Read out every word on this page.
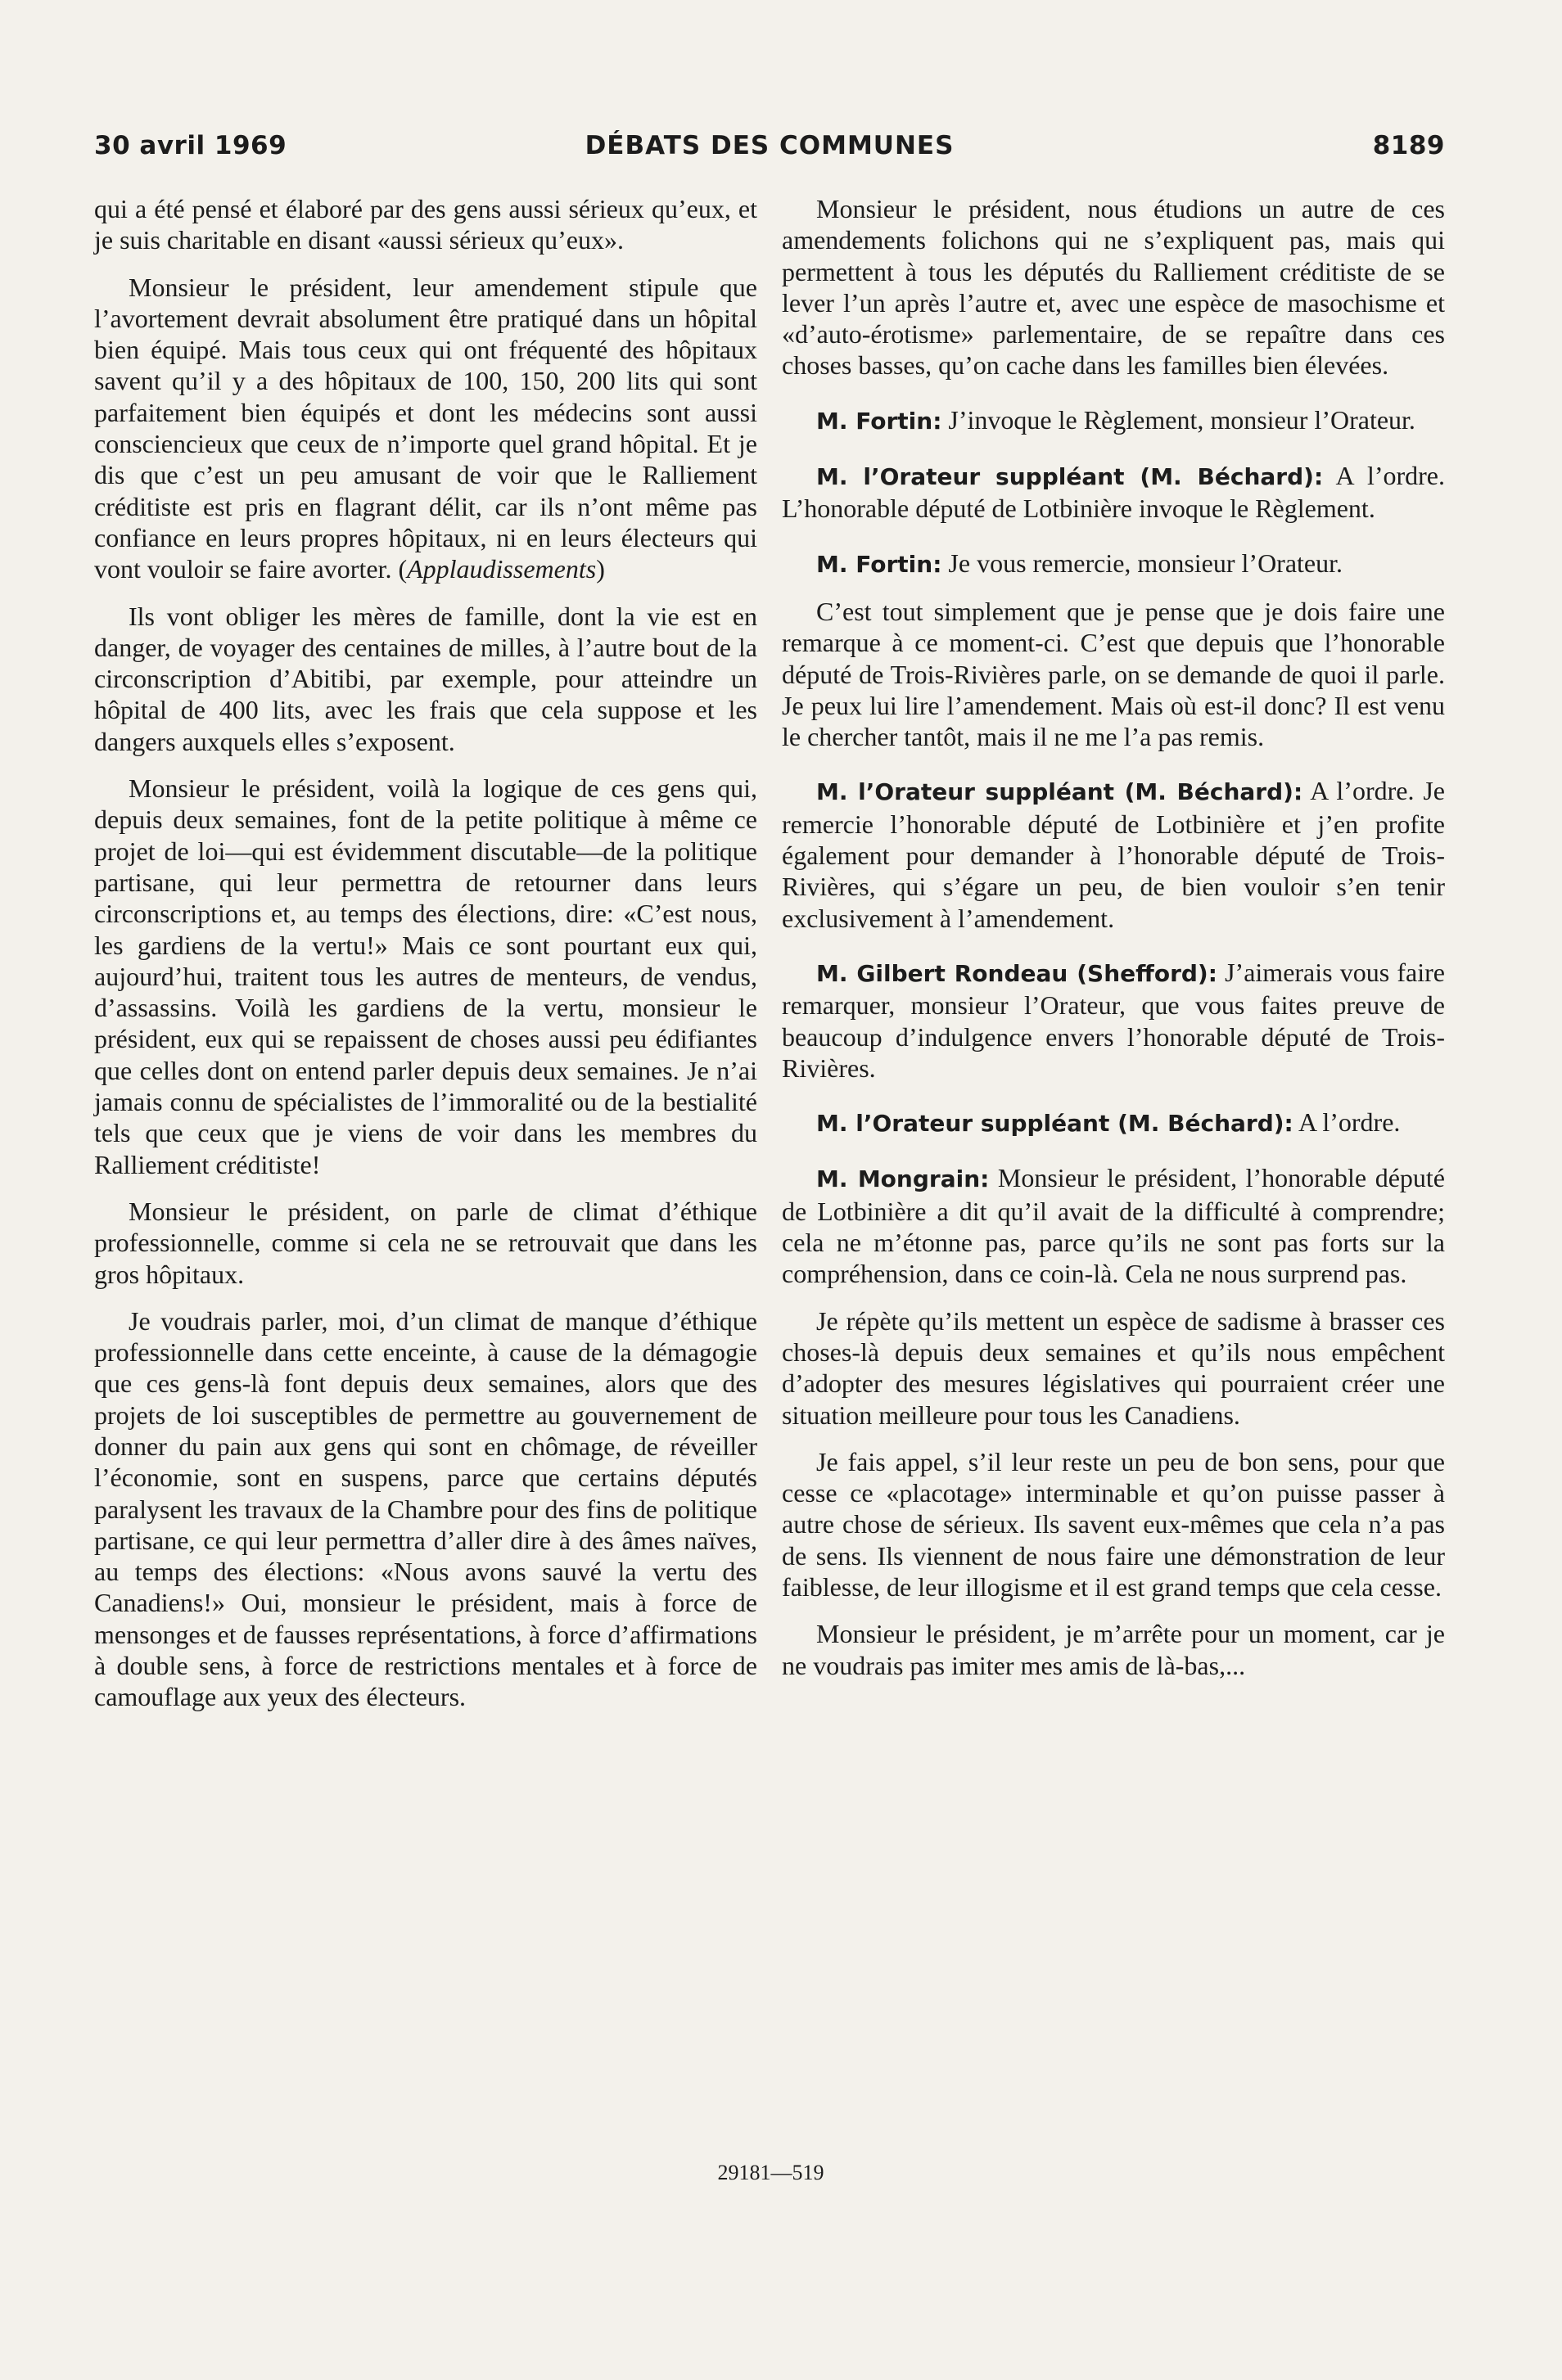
30 avril 1969	DÉBATS DES COMMUNES	8189

qui a été pensé et élaboré par des gens aussi sérieux qu’eux, et je suis charitable en disant «aussi sérieux qu’eux».

Monsieur le président, leur amendement stipule que l’avortement devrait absolument être pratiqué dans un hôpital bien équipé. Mais tous ceux qui ont fréquenté des hôpitaux savent qu’il y a des hôpitaux de 100, 150, 200 lits qui sont parfaitement bien équipés et dont les médecins sont aussi consciencieux que ceux de n’importe quel grand hôpital. Et je dis que c’est un peu amusant de voir que le Ralliement créditiste est pris en flagrant délit, car ils n’ont même pas confiance en leurs propres hôpitaux, ni en leurs électeurs qui vont vouloir se faire avorter. (Applaudissements)

Ils vont obliger les mères de famille, dont la vie est en danger, de voyager des centaines de milles, à l’autre bout de la circonscription d’Abitibi, par exemple, pour atteindre un hôpital de 400 lits, avec les frais que cela suppose et les dangers auxquels elles s’exposent.

Monsieur le président, voilà la logique de ces gens qui, depuis deux semaines, font de la petite politique à même ce projet de loi—qui est évidemment discutable—de la politique partisane, qui leur permettra de retourner dans leurs circonscriptions et, au temps des élections, dire: «C’est nous, les gardiens de la vertu!» Mais ce sont pourtant eux qui, aujourd’hui, traitent tous les autres de menteurs, de vendus, d’assassins. Voilà les gardiens de la vertu, monsieur le président, eux qui se repaissent de choses aussi peu édifiantes que celles dont on entend parler depuis deux semaines. Je n’ai jamais connu de spécialistes de l’immoralité ou de la bestialité tels que ceux que je viens de voir dans les membres du Ralliement créditiste!

Monsieur le président, on parle de climat d’éthique professionnelle, comme si cela ne se retrouvait que dans les gros hôpitaux.

Je voudrais parler, moi, d’un climat de manque d’éthique professionnelle dans cette enceinte, à cause de la démagogie que ces gens-là font depuis deux semaines, alors que des projets de loi susceptibles de permettre au gouvernement de donner du pain aux gens qui sont en chômage, de réveiller l’économie, sont en suspens, parce que certains députés paralysent les travaux de la Chambre pour des fins de politique partisane, ce qui leur permettra d’aller dire à des âmes naïves, au temps des élections: «Nous avons sauvé la vertu des Canadiens!» Oui, monsieur le président, mais à force de mensonges et de fausses représentations, à force d’affirmations à double sens, à force de restrictions mentales et à force de camouflage aux yeux des électeurs.

Monsieur le président, nous étudions un autre de ces amendements folichons qui ne s’expliquent pas, mais qui permettent à tous les députés du Ralliement créditiste de se lever l’un après l’autre et, avec une espèce de masochisme et «d’auto-érotisme» parlementaire, de se repaître dans ces choses basses, qu’on cache dans les familles bien élevées.

M. Fortin: J’invoque le Règlement, monsieur l’Orateur.

M. l’Orateur suppléant (M. Béchard): A l’ordre. L’honorable député de Lotbinière invoque le Règlement.

M. Fortin: Je vous remercie, monsieur l’Orateur.

C’est tout simplement que je pense que je dois faire une remarque à ce moment-ci. C’est que depuis que l’honorable député de Trois-Rivières parle, on se demande de quoi il parle. Je peux lui lire l’amendement. Mais où est-il donc? Il est venu le chercher tantôt, mais il ne me l’a pas remis.

M. l’Orateur suppléant (M. Béchard): A l’ordre. Je remercie l’honorable député de Lotbinière et j’en profite également pour demander à l’honorable député de Trois-Rivières, qui s’égare un peu, de bien vouloir s’en tenir exclusivement à l’amendement.

M. Gilbert Rondeau (Shefford): J’aimerais vous faire remarquer, monsieur l’Orateur, que vous faites preuve de beaucoup d’indulgence envers l’honorable député de Trois-Rivières.

M. l’Orateur suppléant (M. Béchard): A l’ordre.

M. Mongrain: Monsieur le président, l’honorable député de Lotbinière a dit qu’il avait de la difficulté à comprendre; cela ne m’étonne pas, parce qu’ils ne sont pas forts sur la compréhension, dans ce coin-là. Cela ne nous surprend pas.

Je répète qu’ils mettent un espèce de sadisme à brasser ces choses-là depuis deux semaines et qu’ils nous empêchent d’adopter des mesures législatives qui pourraient créer une situation meilleure pour tous les Canadiens.

Je fais appel, s’il leur reste un peu de bon sens, pour que cesse ce «placotage» interminable et qu’on puisse passer à autre chose de sérieux. Ils savent eux-mêmes que cela n’a pas de sens. Ils viennent de nous faire une démonstration de leur faiblesse, de leur illogisme et il est grand temps que cela cesse.

Monsieur le président, je m’arrête pour un moment, car je ne voudrais pas imiter mes amis de là-bas,...

29181—519
